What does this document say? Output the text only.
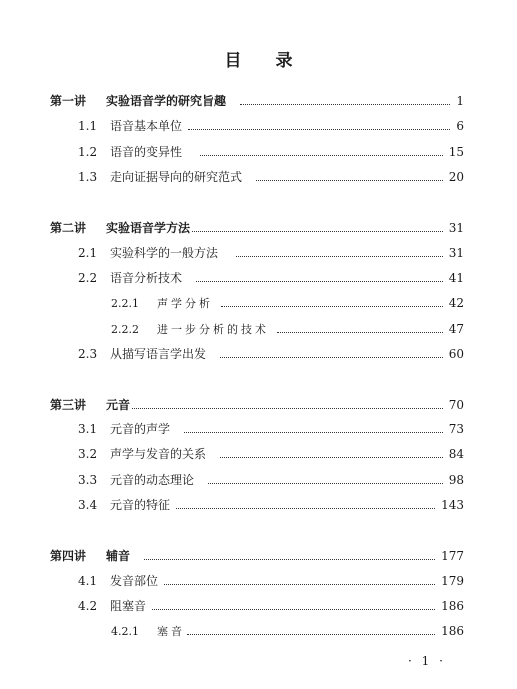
目录
第一讲	实验语音学的研究旨趣	1
1.1	语音基本单位	6
1.2	语音的变异性	15
1.3	走向证据导向的研究范式	20
第二讲	实验语音学方法	31
2.1	实验科学的一般方法	31
2.2	语音分析技术	41
2.2.1	声学分析	42
2.2.2	进一步分析的技术	47
2.3	从描写语言学出发	60
第三讲	元音	70
3.1	元音的声学	73
3.2	声学与发音的关系	84
3.3	元音的动态理论	98
3.4	元音的特征	143
第四讲	辅音	177
4.1	发音部位	179
4.2	阻塞音	186
4.2.1	塞音	186
· 1 ·
